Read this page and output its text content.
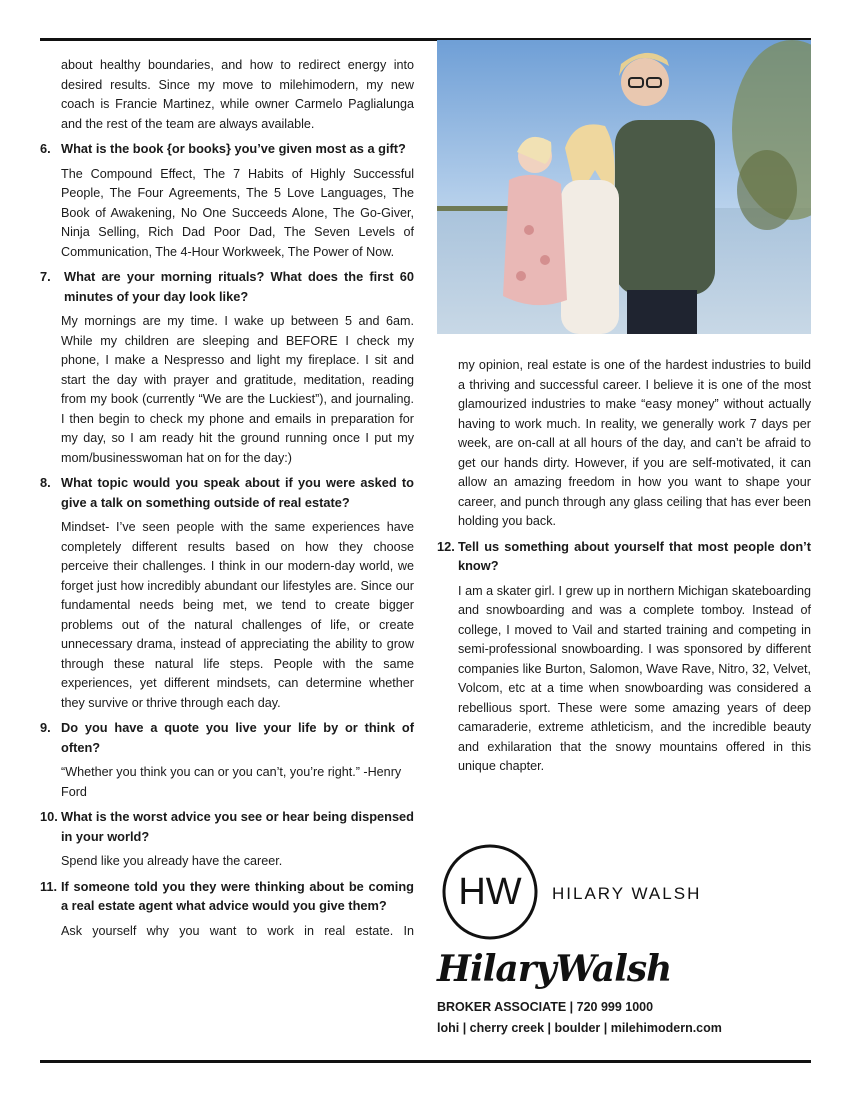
about healthy boundaries, and how to redirect energy into desired results. Since my move to milehimodern, my new coach is Francie Martinez, while owner Carmelo Paglialunga and the rest of the team are always available.

6. What is the book {or books} you’ve given most as a gift?

The Compound Effect, The 7 Habits of Highly Successful People, The Four Agreements, The 5 Love Languages, The Book of Awakening, No One Succeeds Alone, The Go-Giver, Ninja Selling, Rich Dad Poor Dad, The Seven Levels of Communication, The 4-Hour Workweek, The Power of Now.

7.	What are your morning rituals? What does the first 60 minutes of your day look like?

My mornings are my time. I wake up between 5 and 6am. While my children are sleeping and BEFORE I check my phone, I make a Nespresso and light my fireplace. I sit and start the day with prayer and gratitude, meditation, reading from my book (currently “We are the Luckiest”), and journaling. I then begin to check my phone and emails in preparation for my day, so I am ready hit the ground running once I put my mom/businesswoman hat on for the day:)

8. What topic would you speak about if you were asked to give a talk on something outside of real estate?

Mindset- I’ve seen people with the same experiences have completely different results based on how they choose perceive their challenges. I think in our modern-day world, we forget just how incredibly abundant our lifestyles are. Since our fundamental needs being met, we tend to create bigger problems out of the natural challenges of life, or create unnecessary drama, instead of appreciating the ability to grow through these natural life steps. People with the same experiences, yet different mindsets, can determine whether they survive or thrive through each day.

9. Do you have a quote you live your life by or think of often?

“Whether you think you can or you can’t, you’re right.” -Henry Ford

10. What is the worst advice you see or hear being dispensed in your world?

Spend like you already have the career.

11. If someone told you they were thinking about be coming a real estate agent what advice would you give them?

Ask yourself why you want to work in real estate. In

my opinion, real estate is one of the hardest industries to build a thriving and successful career. I believe it is one of the most glamourized industries to make “easy money” without actually having to work much. In reality, we generally work 7 days per week, are on-call at all hours of the day, and can’t be afraid to get our hands dirty. However, if you are self-motivated, it can allow an amazing freedom in how you want to shape your career, and punch through any glass ceiling that has ever been holding you back.

12. Tell us something about yourself that most people don’t know?

I am a skater girl. I grew up in northern Michigan skateboarding and snowboarding and was a complete tomboy. Instead of college, I moved to Vail and started training and competing in semi-professional snowboarding. I was sponsored by different companies like Burton, Salomon, Wave Rave, Nitro, 32, Velvet, Volcom, etc at a time when snowboarding was considered a rebellious sport. These were some amazing years of deep camaraderie, extreme athleticism, and the incredible beauty and exhilaration that the snowy mountains offered in this unique chapter.

HW HILARY WALSH
HilaryWalsh
BROKER ASSOCIATE | 720 999 1000
lohi | cherry creek | boulder | milehimodern.com
